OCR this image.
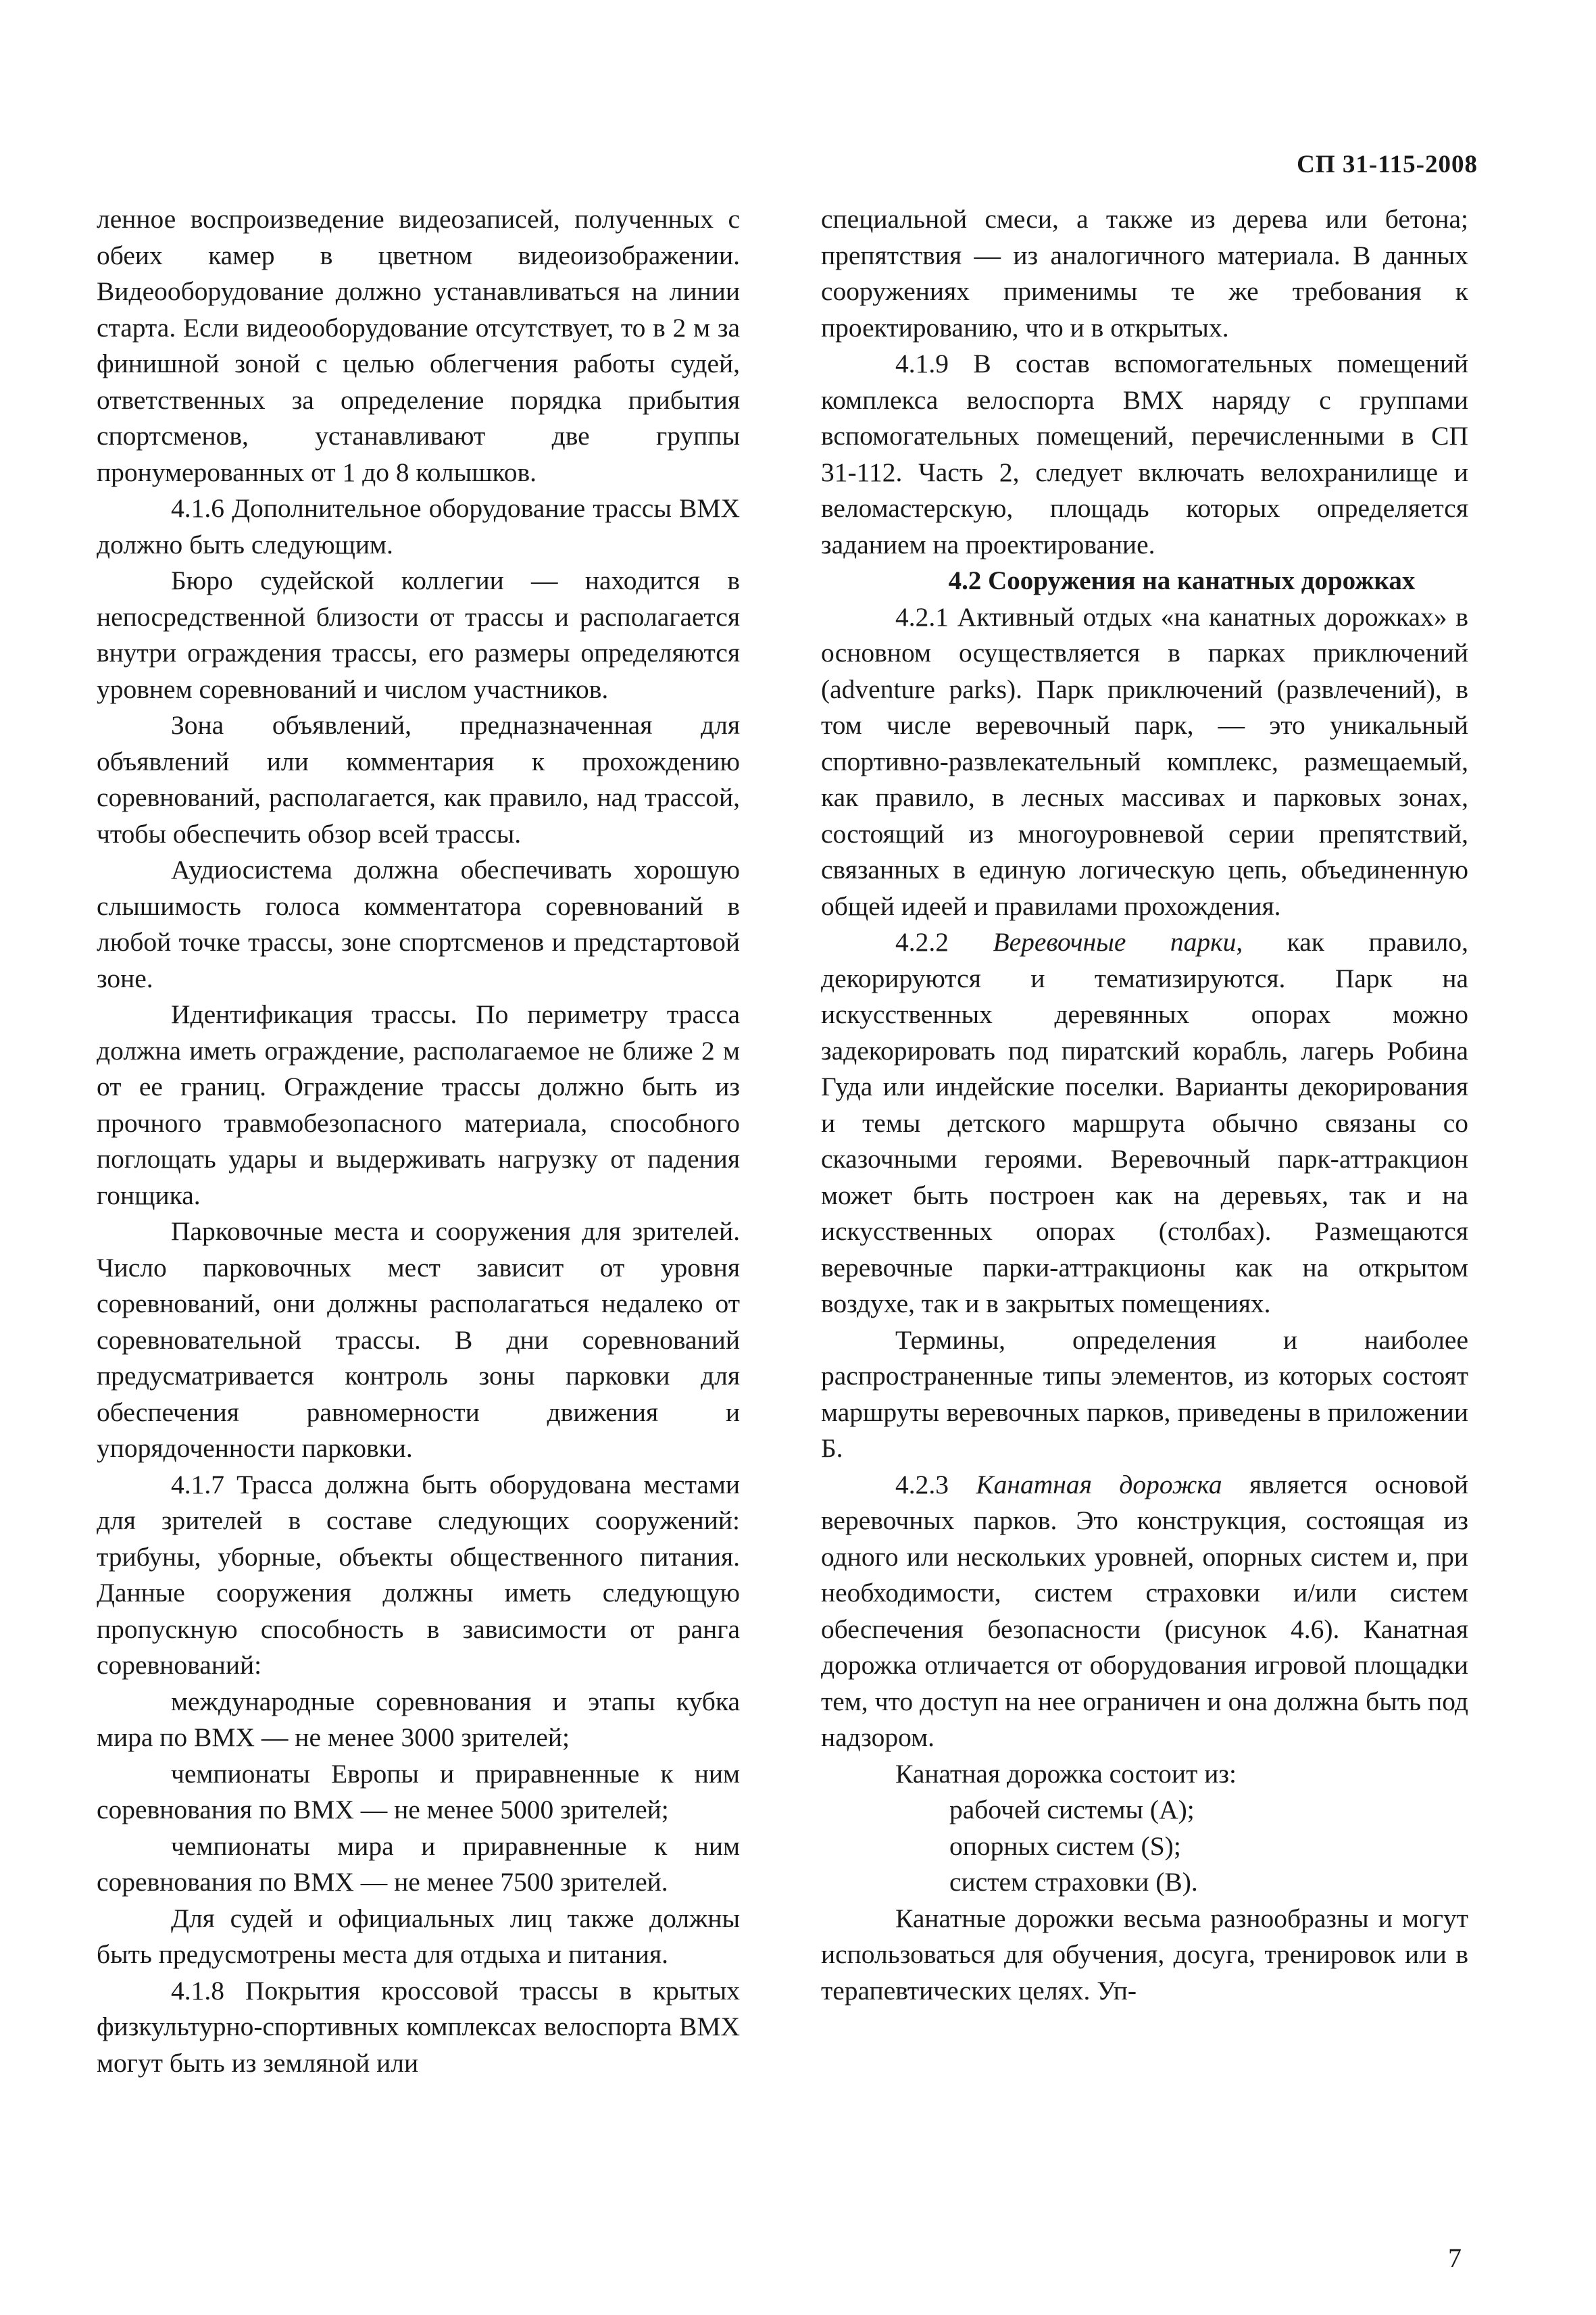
СП 31-115-2008

ленное воспроизведение видеозаписей, полученных с обеих камер в цветном видеоизображении. Видеооборудование должно устанавливаться на линии старта. Если видеооборудование отсутствует, то в 2 м за финишной зоной с целью облегчения работы судей, ответственных за определение порядка прибытия спортсменов, устанавливают две группы пронумерованных от 1 до 8 колышков.

4.1.6 Дополнительное оборудование трассы ВМХ должно быть следующим.

Бюро судейской коллегии — находится в непосредственной близости от трассы и располагается внутри ограждения трассы, его размеры определяются уровнем соревнований и числом участников.

Зона объявлений, предназначенная для объявлений или комментария к прохождению соревнований, располагается, как правило, над трассой, чтобы обеспечить обзор всей трассы.

Аудиосистема должна обеспечивать хорошую слышимость голоса комментатора соревнований в любой точке трассы, зоне спортсменов и предстартовой зоне.

Идентификация трассы. По периметру трасса должна иметь ограждение, располагаемое не ближе 2 м от ее границ. Ограждение трассы должно быть из прочного травмобезопасного материала, способного поглощать удары и выдерживать нагрузку от падения гонщика.

Парковочные места и сооружения для зрителей. Число парковочных мест зависит от уровня соревнований, они должны располагаться недалеко от соревновательной трассы. В дни соревнований предусматривается контроль зоны парковки для обеспечения равномерности движения и упорядоченности парковки.

4.1.7 Трасса должна быть оборудована местами для зрителей в составе следующих сооружений: трибуны, уборные, объекты общественного питания. Данные сооружения должны иметь следующую пропускную способность в зависимости от ранга соревнований:

международные соревнования и этапы кубка мира по ВМХ — не менее 3000 зрителей;

чемпионаты Европы и приравненные к ним соревнования по ВМХ — не менее 5000 зрителей;

чемпионаты мира и приравненные к ним соревнования по ВМХ — не менее 7500 зрителей.

Для судей и официальных лиц также должны быть предусмотрены места для отдыха и питания.

4.1.8 Покрытия кроссовой трассы в крытых физкультурно-спортивных комплексах велоспорта ВМХ могут быть из земляной или

специальной смеси, а также из дерева или бетона; препятствия — из аналогичного материала. В данных сооружениях применимы те же требования к проектированию, что и в открытых.

4.1.9 В состав вспомогательных помещений комплекса велоспорта ВМХ наряду с группами вспомогательных помещений, перечисленными в СП 31-112. Часть 2, следует включать велохранилище и веломастерскую, площадь которых определяется заданием на проектирование.

4.2 Сооружения на канатных дорожках

4.2.1 Активный отдых «на канатных дорожках» в основном осуществляется в парках приключений (adventure parks). Парк приключений (развлечений), в том числе веревочный парк, — это уникальный спортивно-развлекательный комплекс, размещаемый, как правило, в лесных массивах и парковых зонах, состоящий из многоуровневой серии препятствий, связанных в единую логическую цепь, объединенную общей идеей и правилами прохождения.

4.2.2 Веревочные парки, как правило, декорируются и тематизируются. Парк на искусственных деревянных опорах можно задекорировать под пиратский корабль, лагерь Робина Гуда или индейские поселки. Варианты декорирования и темы детского маршрута обычно связаны со сказочными героями. Веревочный парк-аттракцион может быть построен как на деревьях, так и на искусственных опорах (столбах). Размещаются веревочные парки-аттракционы как на открытом воздухе, так и в закрытых помещениях.

Термины, определения и наиболее распространенные типы элементов, из которых состоят маршруты веревочных парков, приведены в приложении Б.

4.2.3 Канатная дорожка является основой веревочных парков. Это конструкция, состоящая из одного или нескольких уровней, опорных систем и, при необходимости, систем страховки и/или систем обеспечения безопасности (рисунок 4.6). Канатная дорожка отличается от оборудования игровой площадки тем, что доступ на нее ограничен и она должна быть под надзором.

Канатная дорожка состоит из:

рабочей системы (А);

опорных систем (S);

систем страховки (В).

Канатные дорожки весьма разнообразны и могут использоваться для обучения, досуга, тренировок или в терапевтических целях. Уп-

7
